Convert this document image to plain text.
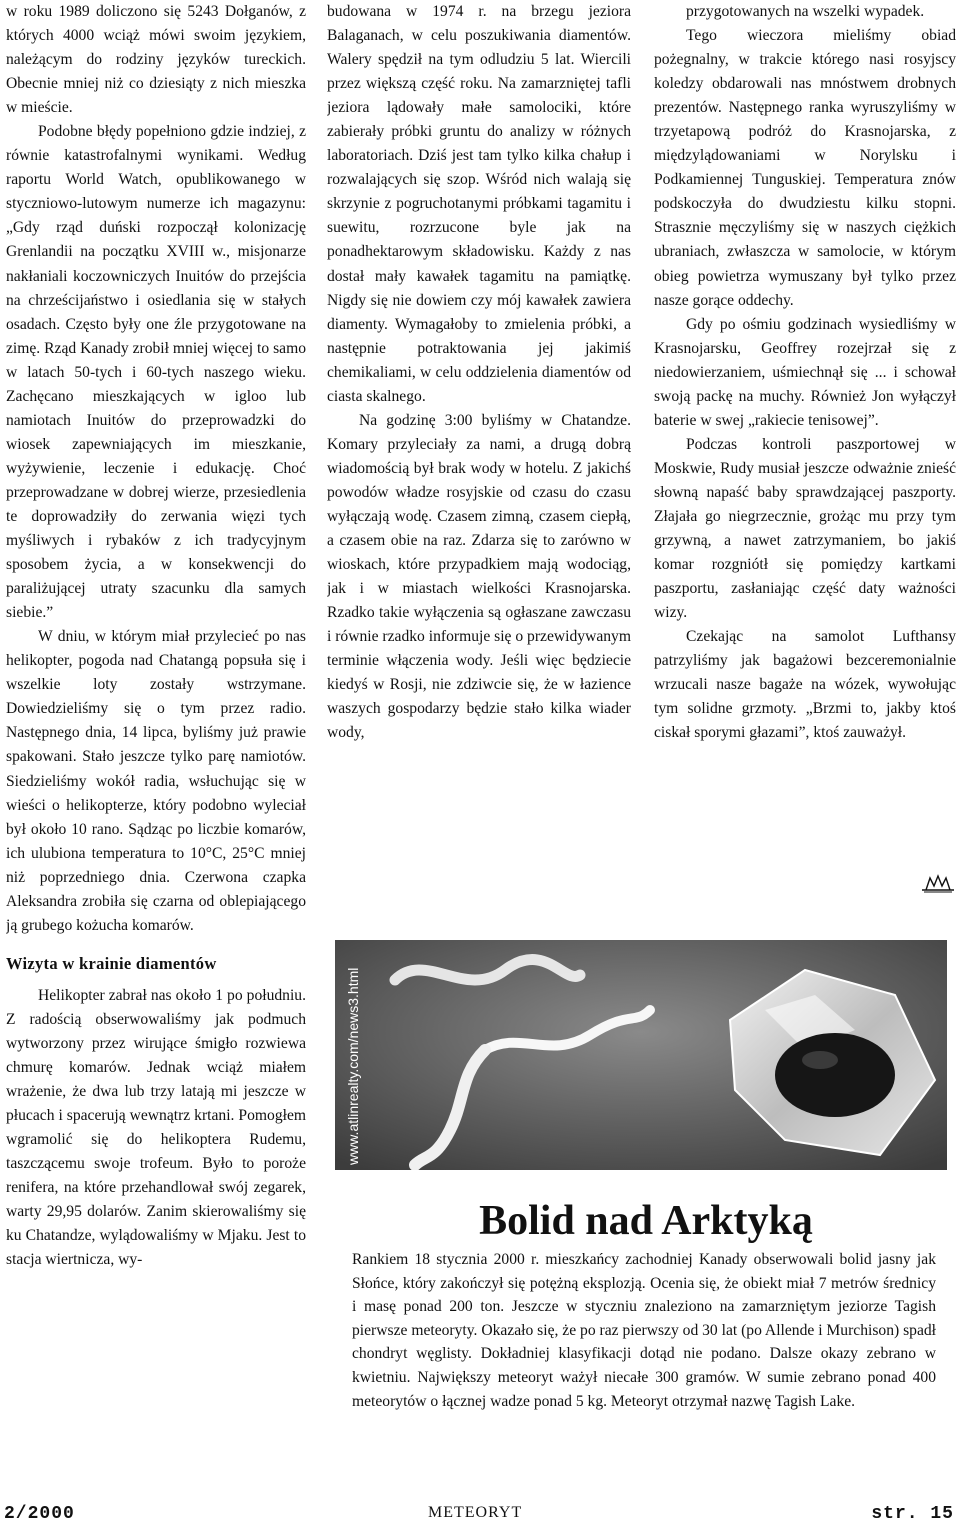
w roku 1989 doliczono się 5243 Dołganów, z których 4000 wciąż mówi swoim językiem, należącym do rodziny języków tureckich. Obecnie mniej niż co dziesiąty z nich mieszka w mieście.

Podobne błędy popełniono gdzie indziej, z równie katastrofalnymi wynikami. Według raportu World Watch, opublikowanego w styczniowo-lutowym numerze ich magazynu: „Gdy rząd duński rozpoczął kolonizację Grenlandii na początku XVIII w., misjonarze nakłaniali koczowniczych Inuitów do przejścia na chrześcijaństwo i osiedlania się w stałych osadach. Często były one źle przygotowane na zimę. Rząd Kanady zrobił mniej więcej to samo w latach 50-tych i 60-tych naszego wieku. Zachęcano mieszkających w igloo lub namiotach Inuitów do przeprowadzki do wiosek zapewniających im mieszkanie, wyżywienie, leczenie i edukację. Choć przeprowadzane w dobrej wierze, przesiedlenia te doprowadziły do zerwania więzi tych myśliwych i rybaków z ich tradycyjnym sposobem życia, a w konsekwencji do paraliżującej utraty szacunku dla samych siebie.”

W dniu, w którym miał przylecieć po nas helikopter, pogoda nad Chatangą popsuła się i wszelkie loty zostały wstrzymane. Dowiedzieliśmy się o tym przez radio. Następnego dnia, 14 lipca, byliśmy już prawie spakowani. Stało jeszcze tylko parę namiotów. Siedzieliśmy wokół radia, wsłuchując się w wieści o helikopterze, który podobno wyleciał był około 10 rano. Sądząc po liczbie komarów, ich ulubiona temperatura to 10°C, 25°C mniej niż poprzedniego dnia. Czerwona czapka Aleksandra zrobiła się czarna od oblepiającego ją grubego kożucha komarów.

Wizyta w krainie diamentów

Helikopter zabrał nas około 1 po południu. Z radością obserwowaliśmy jak podmuch wytworzony przez wirujące śmigło rozwiewa chmurę komarów. Jednak wciąż miałem wrażenie, że dwa lub trzy latają mi jeszcze w płucach i spacerują wewnątrz krtani. Pomogłem wgramolić się do helikoptera Rudemu, taszczącemu swoje trofeum. Było to poroże renifera, na które przehandlował swój zegarek, warty 29,95 dolarów. Zanim skierowaliśmy się ku Chatandze, wylądowaliśmy w Mjaku. Jest to stacja wiertnicza, wy-

budowana w 1974 r. na brzegu jeziora Balaganach, w celu poszukiwania diamentów. Walery spędził na tym odludziu 5 lat. Wiercili przez większą część roku. Na zamarzniętej tafli jeziora lądowały małe samolociki, które zabierały próbki gruntu do analizy w różnych laboratoriach. Dziś jest tam tylko kilka chałup i rozwalających się szop. Wśród nich walają się skrzynie z pogruchotanymi próbkami tagamitu i suewitu, rozrzucone byle jak na ponadhektarowym składowisku. Każdy z nas dostał mały kawałek tagamitu na pamiątkę. Nigdy się nie dowiem czy mój kawałek zawiera diamenty. Wymagałoby to zmielenia próbki, a następnie potraktowania jej jakimiś chemikaliami, w celu oddzielenia diamentów od ciasta skalnego.

Na godzinę 3:00 byliśmy w Chatandze. Komary przyleciały za nami, a drugą dobrą wiadomością był brak wody w hotelu. Z jakichś powodów władze rosyjskie od czasu do czasu wyłączają wodę. Czasem zimną, czasem ciepłą, a czasem obie na raz. Zdarza się to zarówno w wioskach, które przypadkiem mają wodociąg, jak i w miastach wielkości Krasnojarska. Rzadko takie wyłączenia są ogłaszane zawczasu i równie rzadko informuje się o przewidywanym terminie włączenia wody. Jeśli więc będziecie kiedyś w Rosji, nie zdziwcie się, że w łazience waszych gospodarzy będzie stało kilka wiader wody,

przygotowanych na wszelki wypadek.

Tego wieczora mieliśmy obiad pożegnalny, w trakcie którego nasi rosyjscy koledzy obdarowali nas mnóstwem drobnych prezentów. Następnego ranka wyruszyliśmy w trzyetapową podróż do Krasnojarska, z międzylądowaniami w Norylsku i Podkamiennej Tunguskiej. Temperatura znów podskoczyła do dwudziestu kilku stopni. Strasznie męczyliśmy się w naszych ciężkich ubraniach, zwłaszcza w samolocie, w którym obieg powietrza wymuszany był tylko przez nasze gorące oddechy.

Gdy po ośmiu godzinach wysiedliśmy w Krasnojarsku, Geoffrey rozejrzał się z niedowierzaniem, uśmiechnął się ... i schował swoją packę na muchy. Również Jon wyłączył baterie w swej „rakiecie tenisowej”.

Podczas kontroli paszportowej w Moskwie, Rudy musiał jeszcze odważnie znieść słowną napaść baby sprawdzającej paszporty. Złajała go niegrzecznie, grożąc mu przy tym grzywną, a nawet zatrzymaniem, bo jakiś komar rozgniótł się pomiędzy kartkami paszportu, zasłaniając część daty ważności wizy.

Czekając na samolot Lufthansy patrzyliśmy jak bagażowi bezceremonialnie wrzucali nasze bagaże na wózek, wywołując tym solidne grzmoty. „Brzmi to, jakby ktoś ciskał sporymi głazami”, ktoś zauważył.

www.atlinrealty.com/news3.html
Bolid nad Arktyką

Rankiem 18 stycznia 2000 r. mieszkańcy zachodniej Kanady obserwowali bolid jasny jak Słońce, który zakończył się potężną eksplozją. Ocenia się, że obiekt miał 7 metrów średnicy i masę ponad 200 ton. Jeszcze w styczniu znaleziono na zamarzniętym jeziorze Tagish pierwsze meteoryty. Okazało się, że po raz pierwszy od 30 lat (po Allende i Murchison) spadł chondryt węglisty. Dokładniej klasyfikacji dotąd nie podano. Dalsze okazy zebrano w kwietniu. Największy meteoryt ważył niecałe 300 gramów. W sumie zebrano ponad 400 meteorytów o łącznej wadze ponad 5 kg. Meteoryt otrzymał nazwę Tagish Lake.

2/2000	METEORYT	str. 15
